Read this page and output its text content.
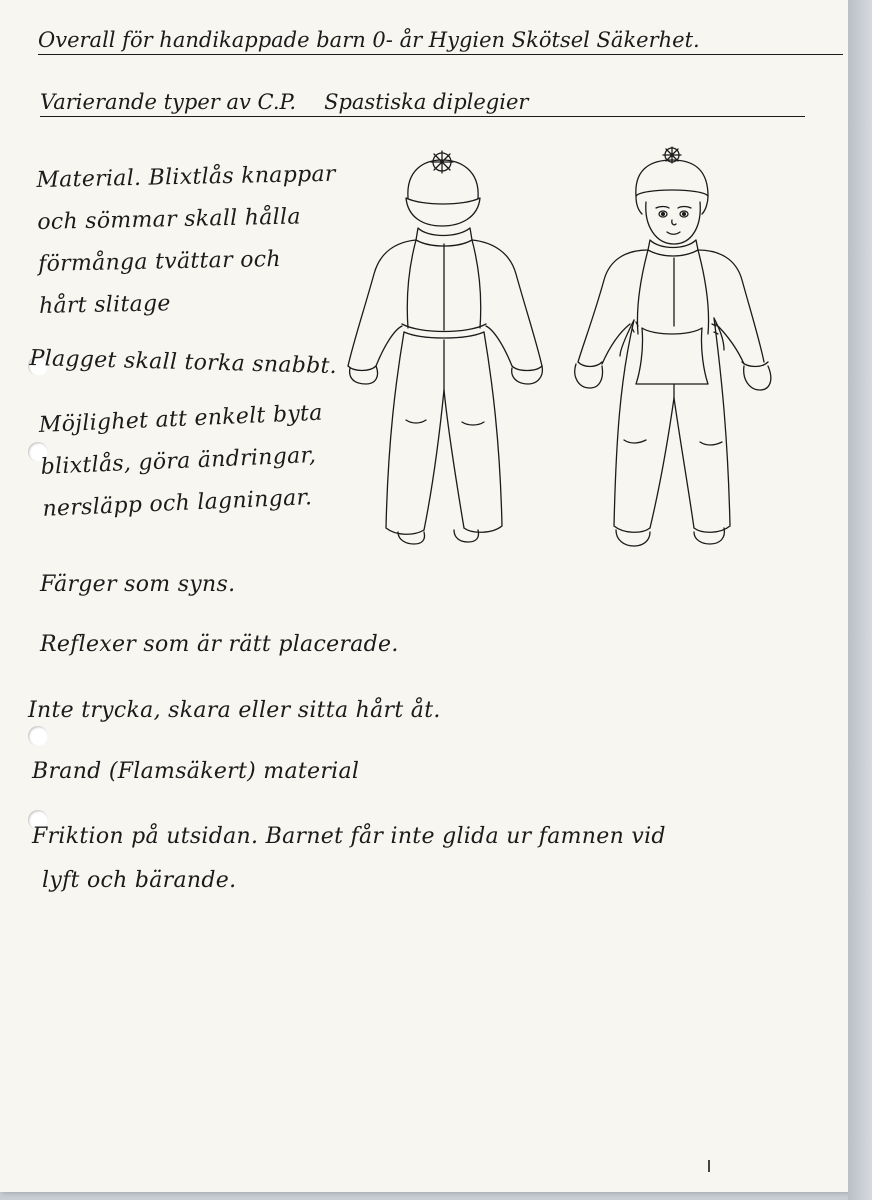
Overall för handikappade barn 0- år Hygien Skötsel Säkerhet.
Varierande typer av C.P. Spastiska diplegier
Material. Blixtlås knappar
och sömmar skall hålla
förmånga tvättar och
hårt slitage
Plagget skall torka snabbt.
Möjlighet att enkelt byta
blixtlås, göra ändringar,
nersläpp och lagningar.
Färger som syns.
Reflexer som är rätt placerade.
Inte trycka, skara eller sitta hårt åt.
Brand (Flamsäkert) material
Friktion på utsidan. Barnet får inte glida ur famnen vid
lyft och bärande.
